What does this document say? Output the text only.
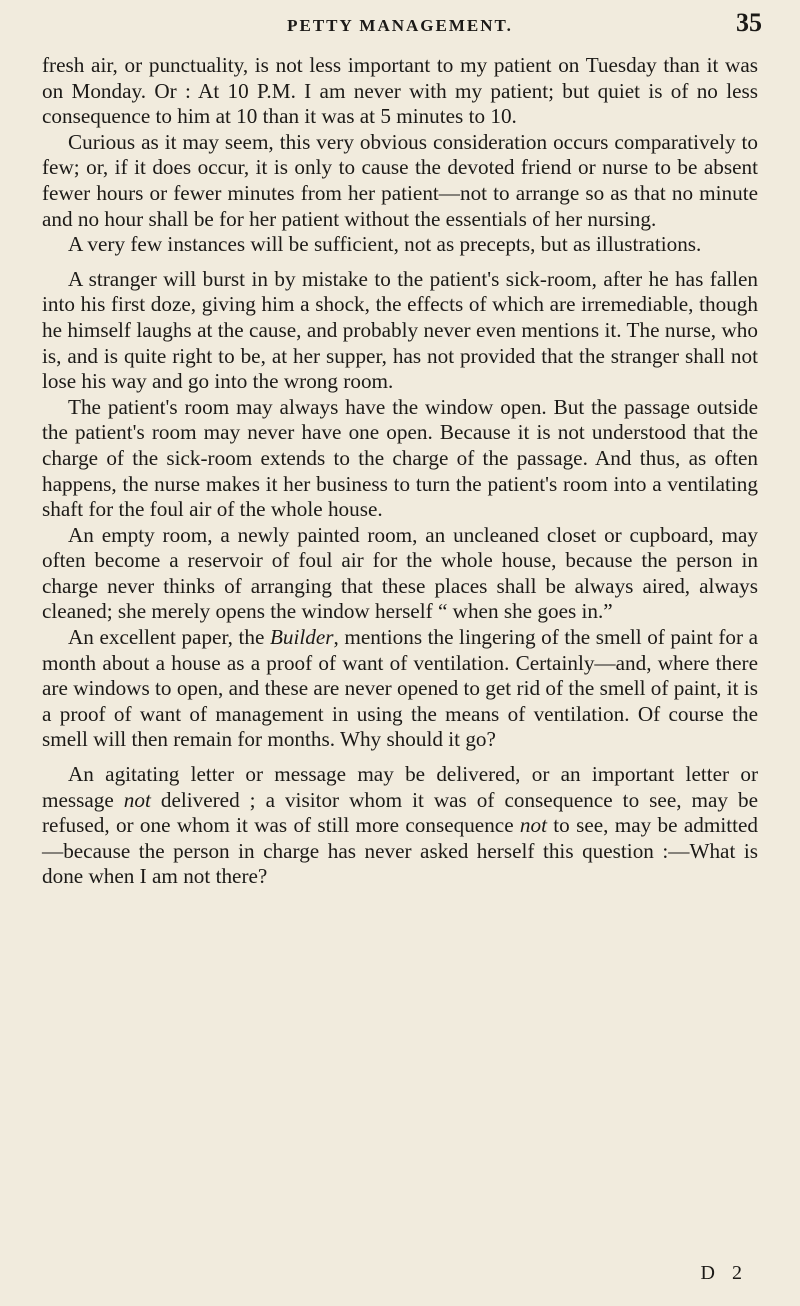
PETTY MANAGEMENT.	35

fresh air, or punctuality, is not less important to my patient on Tuesday than it was on Monday. Or : At 10 P.M. I am never with my patient; but quiet is of no less consequence to him at 10 than it was at 5 minutes to 10.

Curious as it may seem, this very obvious consideration occurs comparatively to few; or, if it does occur, it is only to cause the devoted friend or nurse to be absent fewer hours or fewer minutes from her patient—not to arrange so as that no minute and no hour shall be for her patient without the essentials of her nursing.

A very few instances will be sufficient, not as precepts, but as illustrations.

A stranger will burst in by mistake to the patient's sick-room, after he has fallen into his first doze, giving him a shock, the effects of which are irremediable, though he himself laughs at the cause, and probably never even mentions it. The nurse, who is, and is quite right to be, at her supper, has not provided that the stranger shall not lose his way and go into the wrong room.

The patient's room may always have the window open. But the passage outside the patient's room may never have one open. Because it is not understood that the charge of the sick-room extends to the charge of the passage. And thus, as often happens, the nurse makes it her business to turn the patient's room into a ventilating shaft for the foul air of the whole house.

An empty room, a newly painted room, an uncleaned closet or cupboard, may often become a reservoir of foul air for the whole house, because the person in charge never thinks of arranging that these places shall be always aired, always cleaned; she merely opens the window herself “ when she goes in.”

An excellent paper, the Builder, mentions the lingering of the smell of paint for a month about a house as a proof of want of ventilation. Certainly—and, where there are windows to open, and these are never opened to get rid of the smell of paint, it is a proof of want of management in using the means of ventilation. Of course the smell will then remain for months. Why should it go?

An agitating letter or message may be delivered, or an important letter or message not delivered ; a visitor whom it was of consequence to see, may be refused, or one whom it was of still more consequence not to see, may be admitted—because the person in charge has never asked herself this question :—What is done when I am not there?

D 2
